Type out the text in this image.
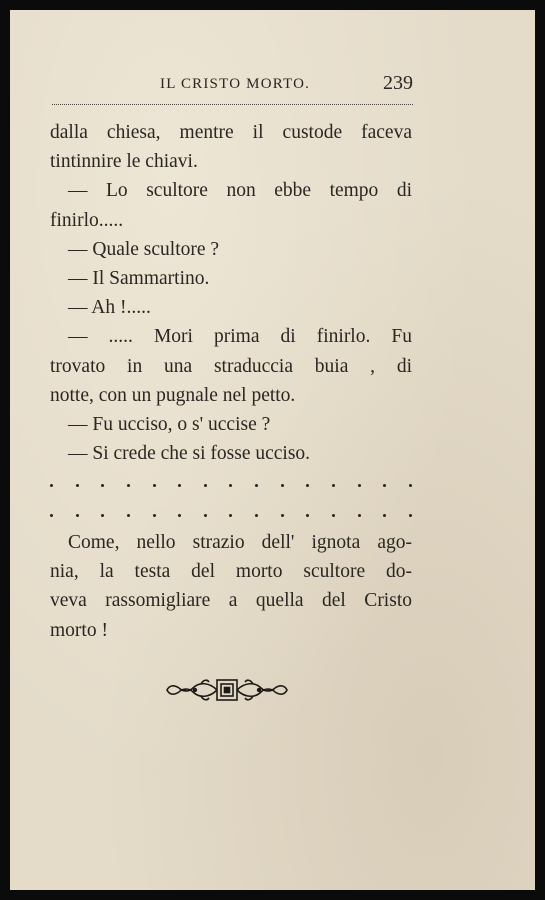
IL CRISTO MORTO.	239
dalla chiesa, mentre il custode faceva
tintinnire le chiavi.
— Lo scultore non ebbe tempo di
finirlo.....
— Quale scultore ?
— Il Sammartino.
— Ah !.....
— ..... Mori prima di finirlo. Fu
trovato in una straduccia buia , di
notte, con un pugnale nel petto.
— Fu ucciso, o s' uccise ?
— Si crede che si fosse ucciso.
Come, nello strazio dell' ignota ago-
nia, la testa del morto scultore do-
veva rassomigliare a quella del Cristo
morto !
